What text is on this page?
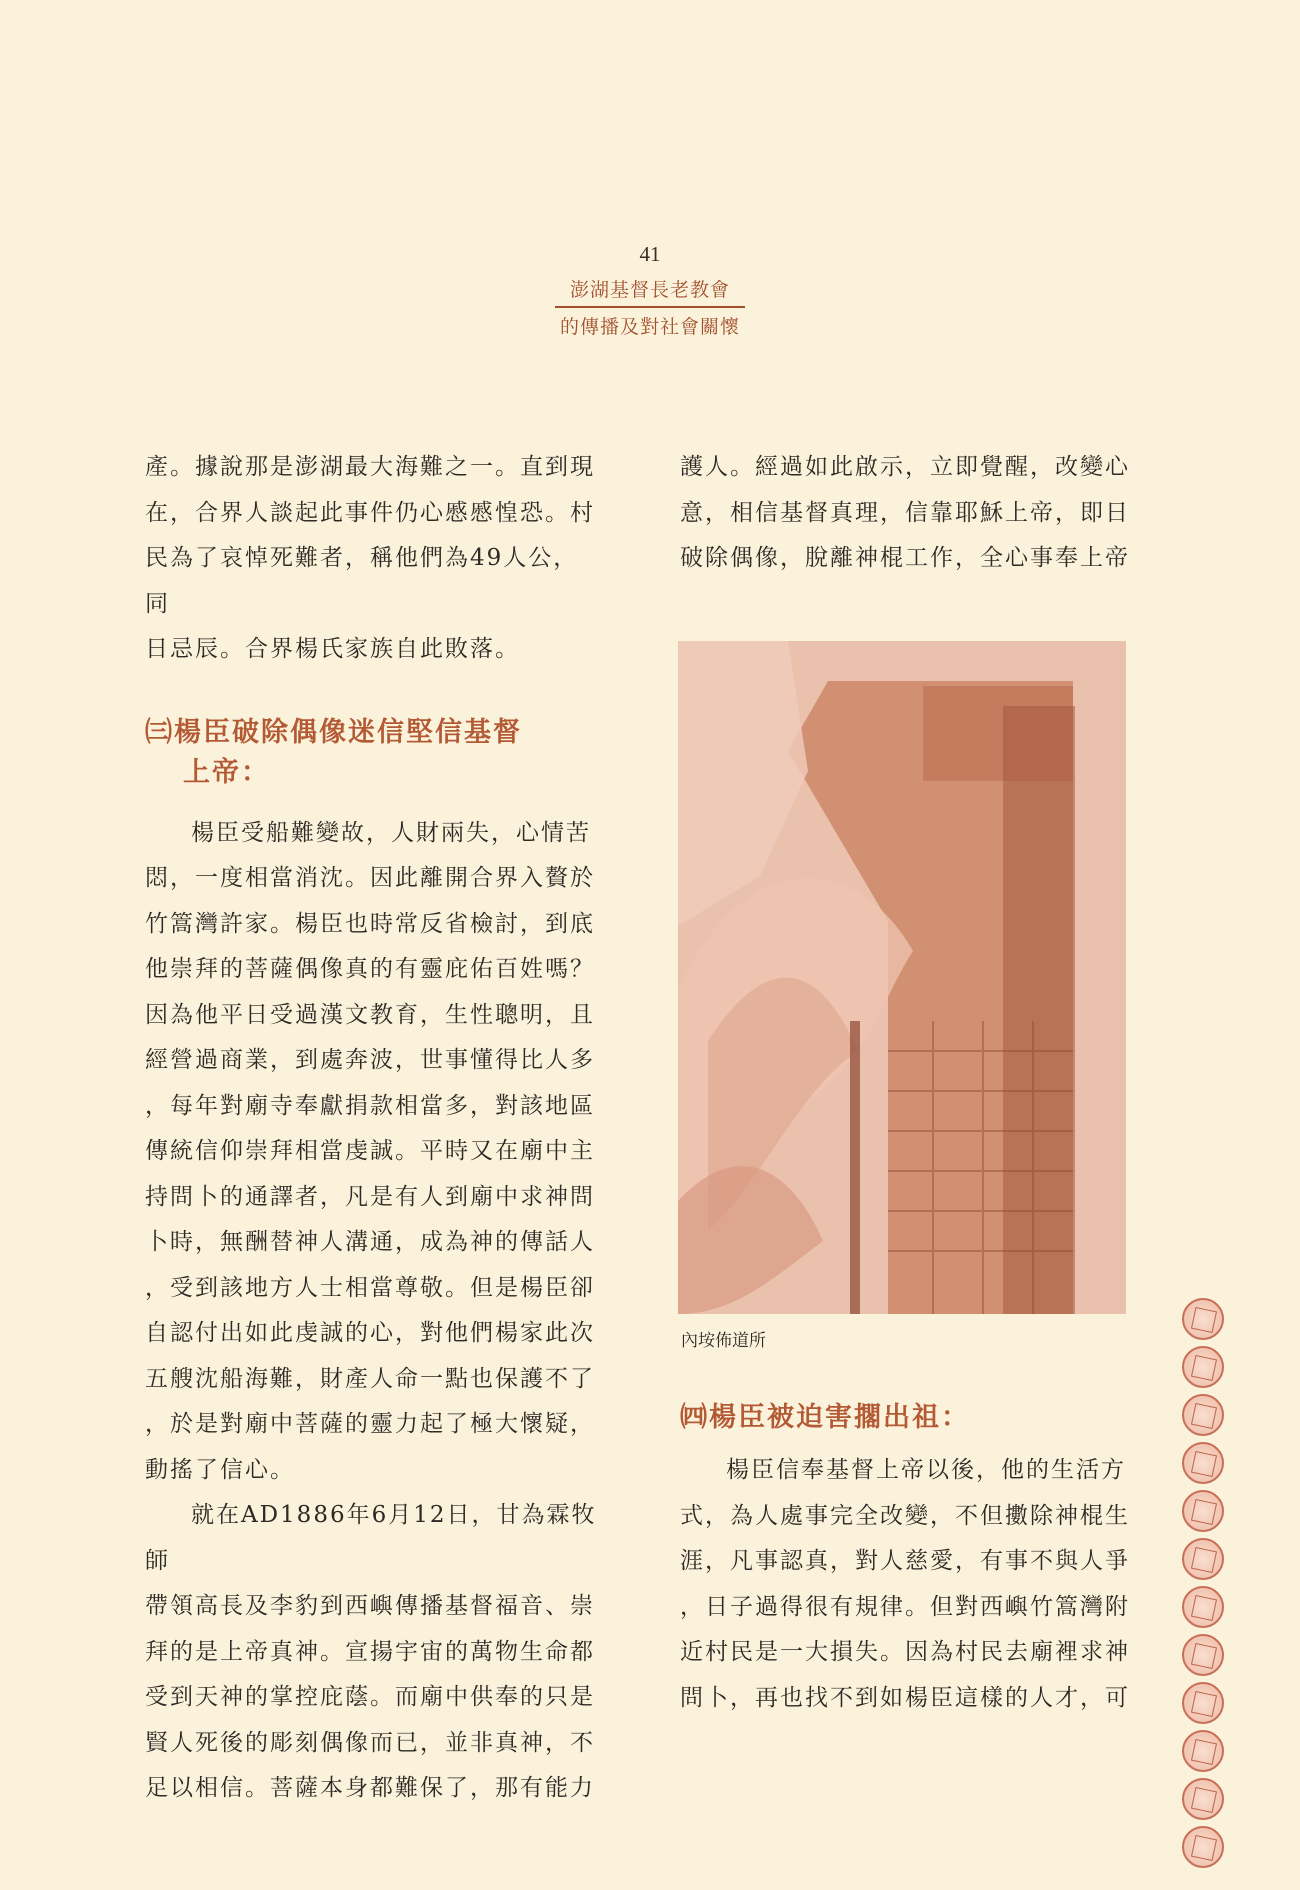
41
澎湖基督長老教會
的傳播及對社會關懷

產。據說那是澎湖最大海難之一。直到現

在，合界人談起此事件仍心慼慼惶恐。村

民為了哀悼死難者，稱他們為49人公，同

日忌辰。合界楊氏家族自此敗落。

㈢楊臣破除偶像迷信堅信基督
上帝：

楊臣受船難變故，人財兩失，心情苦

悶，一度相當消沈。因此離開合界入贅於

竹篙灣許家。楊臣也時常反省檢討，到底

他崇拜的菩薩偶像真的有靈庇佑百姓嗎？

因為他平日受過漢文教育，生性聰明，且

經營過商業，到處奔波，世事懂得比人多

，每年對廟寺奉獻捐款相當多，對該地區

傳統信仰崇拜相當虔誠。平時又在廟中主

持問卜的通譯者，凡是有人到廟中求神問

卜時，無酬替神人溝通，成為神的傳話人

，受到該地方人士相當尊敬。但是楊臣卻

自認付出如此虔誠的心，對他們楊家此次

五艘沈船海難，財產人命一點也保護不了

，於是對廟中菩薩的靈力起了極大懷疑，

動搖了信心。

就在AD1886年6月12日，甘為霖牧師

帶領高長及李豹到西嶼傳播基督福音、崇

拜的是上帝真神。宣揚宇宙的萬物生命都

受到天神的掌控庇蔭。而廟中供奉的只是

賢人死後的彫刻偶像而已，並非真神，不

足以相信。菩薩本身都難保了，那有能力

護人。經過如此啟示，立即覺醒，改變心

意，相信基督真理，信靠耶穌上帝，即日

破除偶像，脫離神棍工作，全心事奉上帝

內垵佈道所
㈣楊臣被迫害擱出祖：

楊臣信奉基督上帝以後，他的生活方

式，為人處事完全改變，不但擻除神棍生

涯，凡事認真，對人慈愛，有事不與人爭

，日子過得很有規律。但對西嶼竹篙灣附

近村民是一大損失。因為村民去廟裡求神

問卜，再也找不到如楊臣這樣的人才，可
